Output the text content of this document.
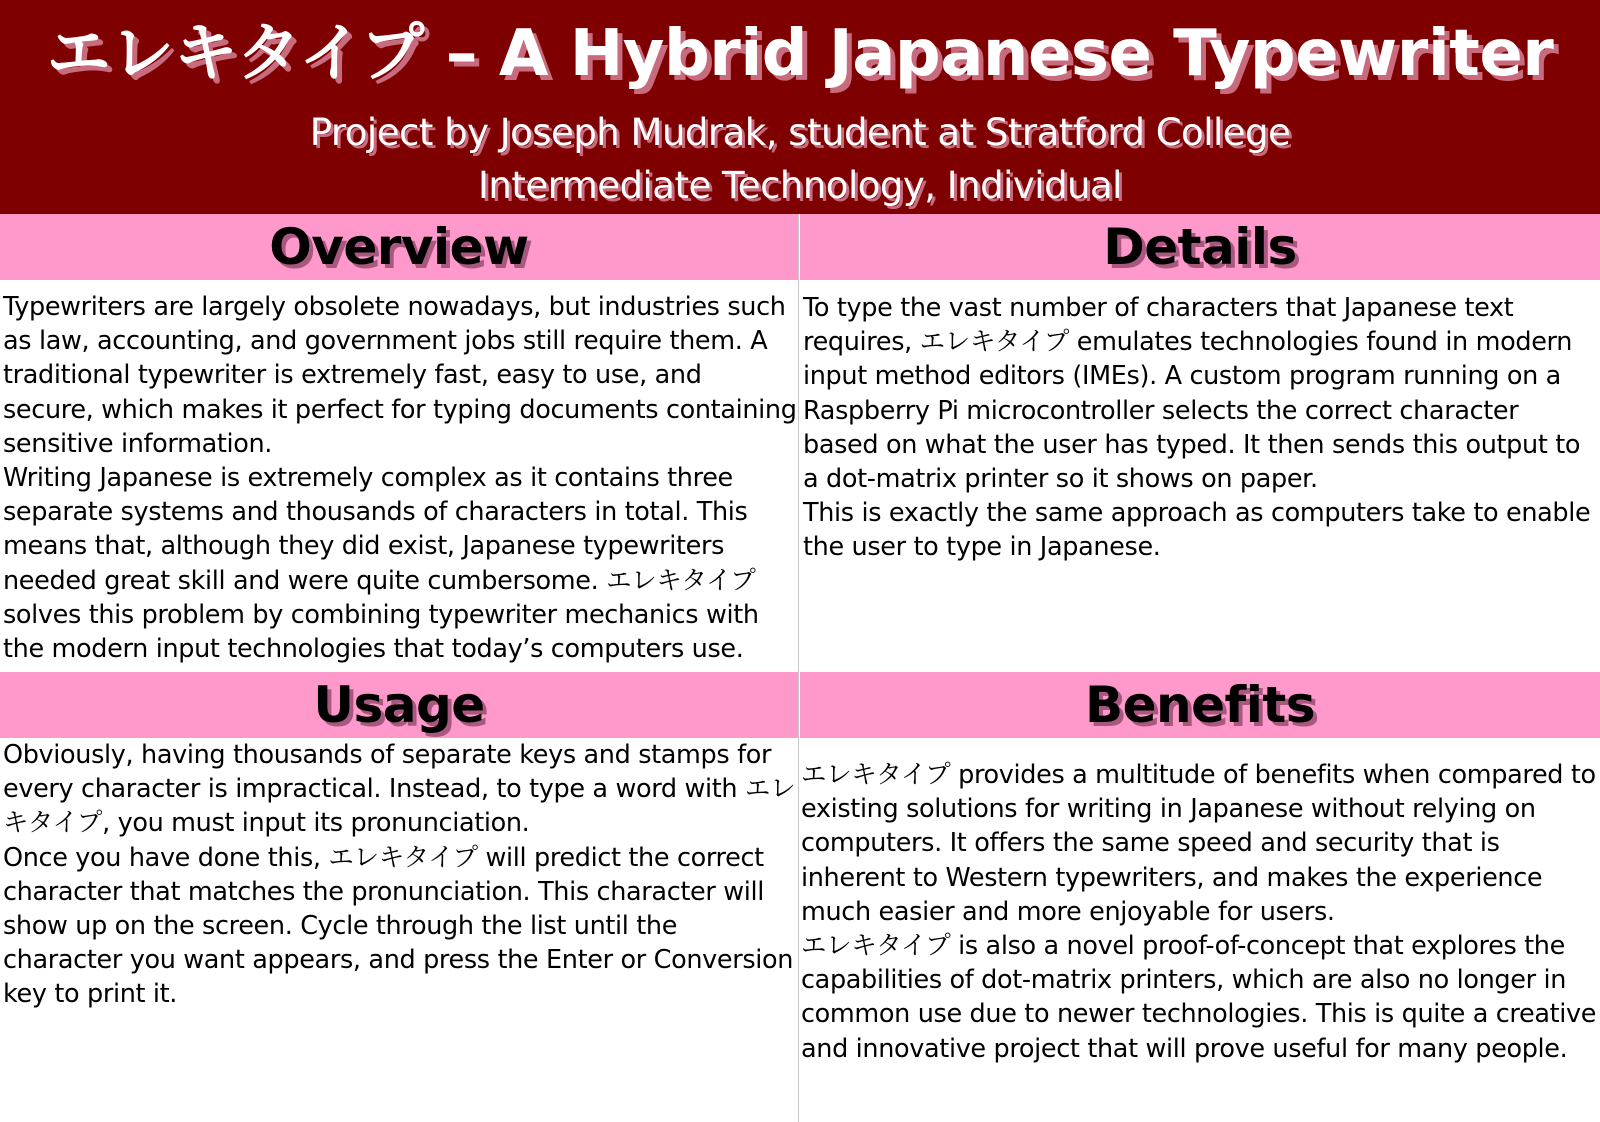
エレキタイプ – A Hybrid Japanese Typewriter
Project by Joseph Mudrak, student at Stratford College
Intermediate Technology, Individual
Overview	Details
Usage	Benefits

Typewriters are largely obsolete nowadays, but industries such as law, accounting, and government jobs still require them. A traditional typewriter is extremely fast, easy to use, and secure, which makes it perfect for typing documents containing sensitive information.

Writing Japanese is extremely complex as it contains three separate systems and thousands of characters in total. This means that, although they did exist, Japanese typewriters needed great skill and were quite cumbersome. エレキタイプ solves this problem by combining typewriter mechanics with the modern input technologies that today’s computers use.

To type the vast number of characters that Japanese text requires, エレキタイプ emulates technologies found in modern input method editors (IMEs). A custom program running on a Raspberry Pi microcontroller selects the correct character based on what the user has typed. It then sends this output to a dot-matrix printer so it shows on paper.

This is exactly the same approach as computers take to enable the user to type in Japanese.

Obviously, having thousands of separate keys and stamps for every character is impractical. Instead, to type a word with エレキタイプ, you must input its pronunciation.

Once you have done this, エレキタイプ will predict the correct character that matches the pronunciation. This character will show up on the screen. Cycle through the list until the character you want appears, and press the Enter or Conversion key to print it.

エレキタイプ provides a multitude of benefits when compared to existing solutions for writing in Japanese without relying on computers. It offers the same speed and security that is inherent to Western typewriters, and makes the experience much easier and more enjoyable for users.

エレキタイプ is also a novel proof-of-concept that explores the capabilities of dot-matrix printers, which are also no longer in common use due to newer technologies. This is quite a creative and innovative project that will prove useful for many people.
